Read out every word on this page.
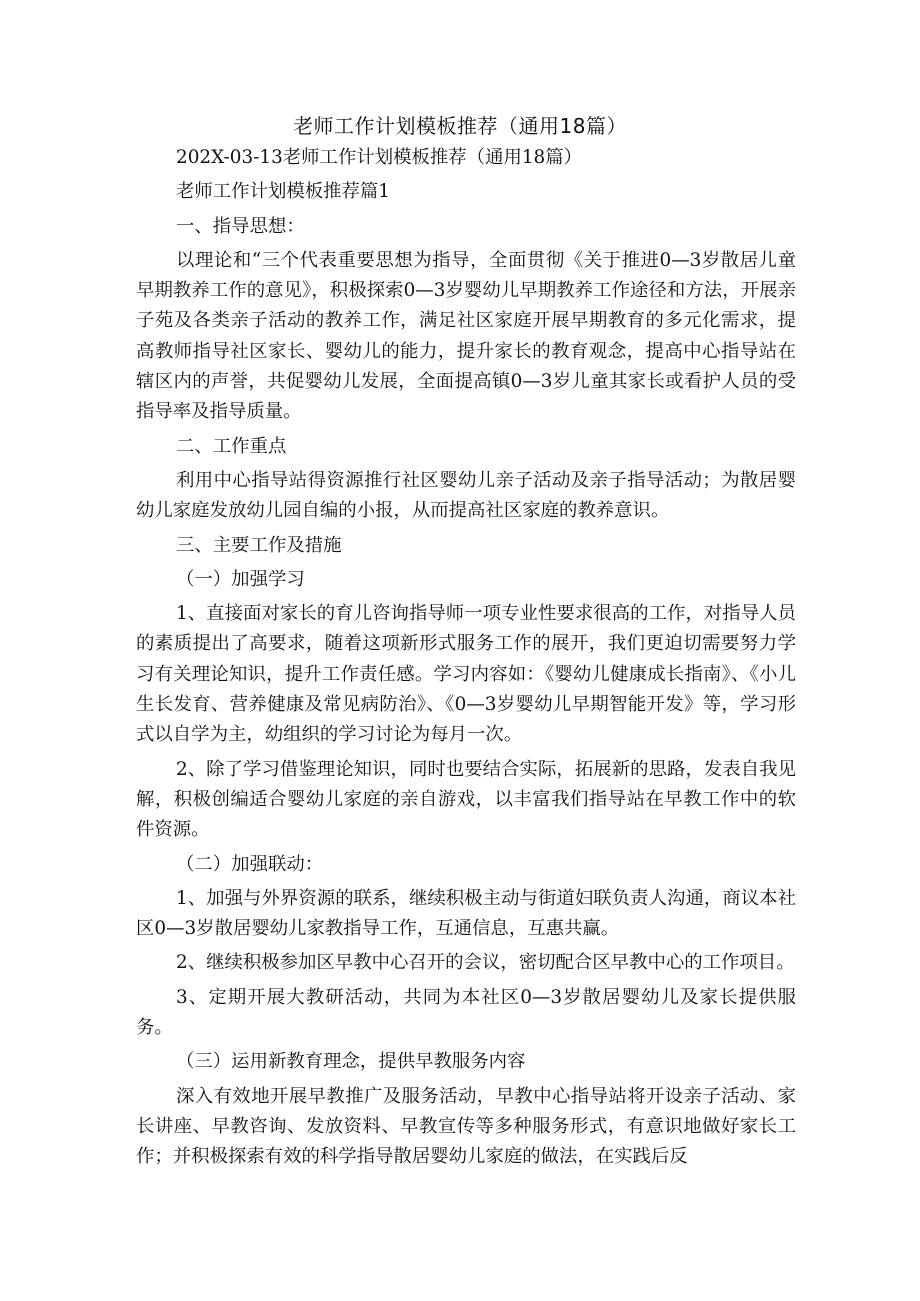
老师工作计划模板推荐（通用18篇）

202X-03-13老师工作计划模板推荐（通用18篇）

老师工作计划模板推荐篇1

一、指导思想：

以理论和“三个代表重要思想为指导，全面贯彻《关于推进0—3岁散居儿童早期教养工作的意见》，积极探索0—3岁婴幼儿早期教养工作途径和方法，开展亲子苑及各类亲子活动的教养工作，满足社区家庭开展早期教育的多元化需求，提高教师指导社区家长、婴幼儿的能力，提升家长的教育观念，提高中心指导站在辖区内的声誉，共促婴幼儿发展，全面提高镇0—3岁儿童其家长或看护人员的受指导率及指导质量。

二、工作重点

利用中心指导站得资源推行社区婴幼儿亲子活动及亲子指导活动；为散居婴幼儿家庭发放幼儿园自编的小报，从而提高社区家庭的教养意识。

三、主要工作及措施

（一）加强学习

1、直接面对家长的育儿咨询指导师一项专业性要求很高的工作，对指导人员的素质提出了高要求，随着这项新形式服务工作的展开，我们更迫切需要努力学习有关理论知识，提升工作责任感。学习内容如：《婴幼儿健康成长指南》、《小儿生长发育、营养健康及常见病防治》、《0—3岁婴幼儿早期智能开发》等，学习形式以自学为主，幼组织的学习讨论为每月一次。

2、除了学习借鉴理论知识，同时也要结合实际，拓展新的思路，发表自我见解，积极创编适合婴幼儿家庭的亲自游戏，以丰富我们指导站在早教工作中的软件资源。

（二）加强联动：

1、加强与外界资源的联系，继续积极主动与街道妇联负责人沟通，商议本社区0—3岁散居婴幼儿家教指导工作，互通信息，互惠共赢。

2、继续积极参加区早教中心召开的会议，密切配合区早教中心的工作项目。

3、定期开展大教研活动，共同为本社区0—3岁散居婴幼儿及家长提供服务。

（三）运用新教育理念，提供早教服务内容

深入有效地开展早教推广及服务活动，早教中心指导站将开设亲子活动、家长讲座、早教咨询、发放资料、早教宣传等多种服务形式，有意识地做好家长工作；并积极探索有效的科学指导散居婴幼儿家庭的做法，在实践后反
